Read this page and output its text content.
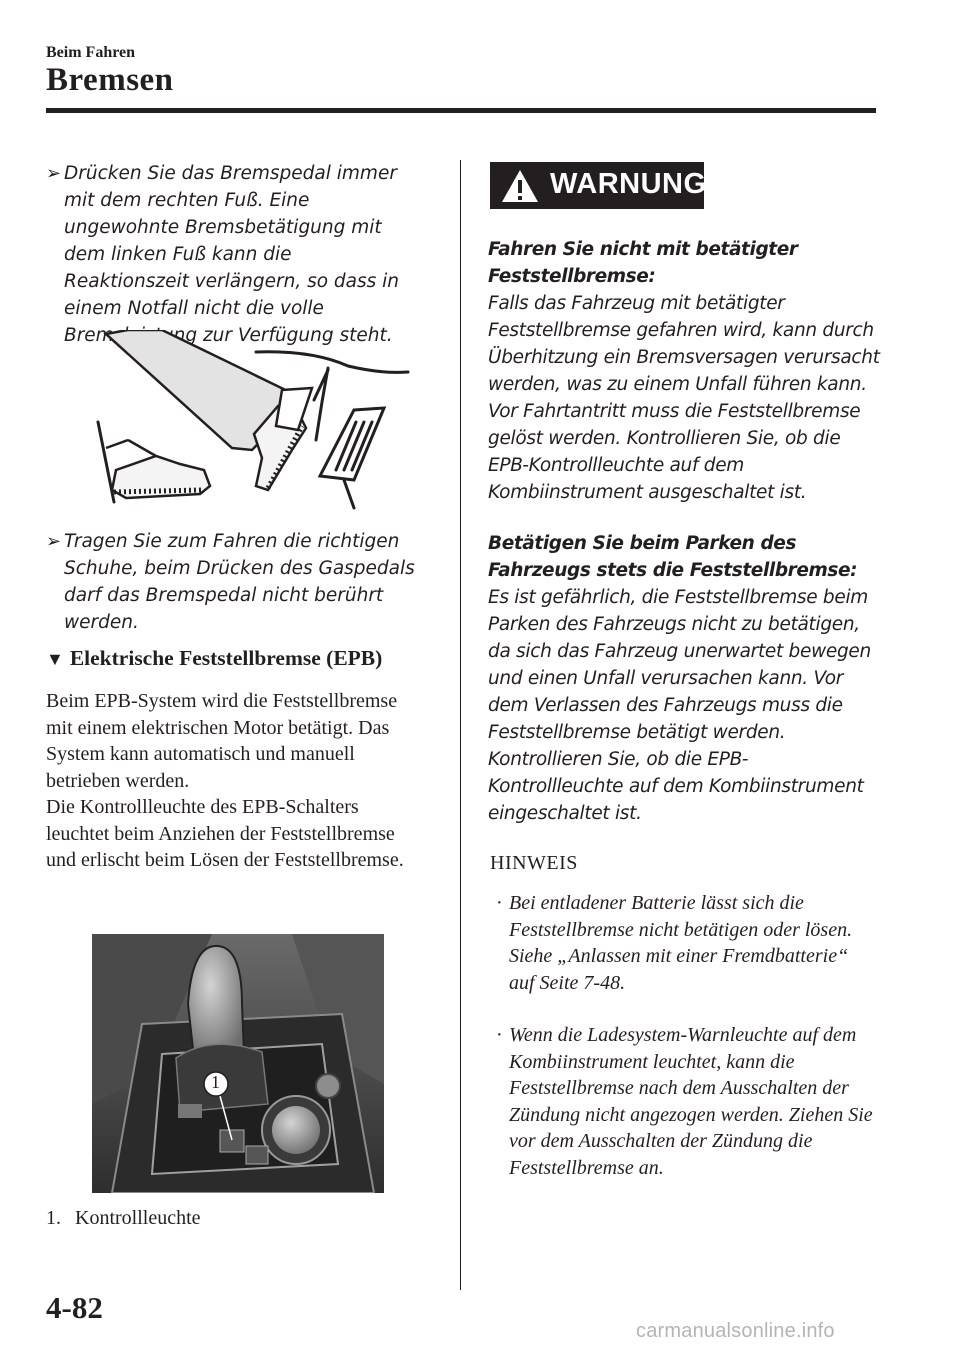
Beim Fahren
Bremsen
➢ Drücken Sie das Bremspedal immer mit dem rechten Fuß. Eine ungewohnte Bremsbetätigung mit dem linken Fuß kann die Reaktionszeit verlängern, so dass in einem Notfall nicht die volle Bremsleistung zur Verfügung steht.
➢ Tragen Sie zum Fahren die richtigen Schuhe, beim Drücken des Gaspedals darf das Bremspedal nicht berührt werden.
▼ Elektrische Feststellbremse (EPB)

Beim EPB-System wird die Feststellbremse mit einem elektrischen Motor betätigt. Das System kann automatisch und manuell betrieben werden.

Die Kontrollleuchte des EPB-Schalters leuchtet beim Anziehen der Feststellbremse und erlischt beim Lösen der Feststellbremse.

1
1. Kontrollleuchte
WARNUNG
Fahren Sie nicht mit betätigter Feststellbremse:
Falls das Fahrzeug mit betätigter Feststellbremse gefahren wird, kann durch Überhitzung ein Bremsversagen verursacht werden, was zu einem Unfall führen kann. Vor Fahrtantritt muss die Feststellbremse gelöst werden. Kontrollieren Sie, ob die EPB-Kontrollleuchte auf dem Kombiinstrument ausgeschaltet ist.
Betätigen Sie beim Parken des Fahrzeugs stets die Feststellbremse:
Es ist gefährlich, die Feststellbremse beim Parken des Fahrzeugs nicht zu betätigen, da sich das Fahrzeug unerwartet bewegen und einen Unfall verursachen kann. Vor dem Verlassen des Fahrzeugs muss die Feststellbremse betätigt werden. Kontrollieren Sie, ob die EPB-Kontrollleuchte auf dem Kombiinstrument eingeschaltet ist.
HINWEIS
· Bei entladener Batterie lässt sich die Feststellbremse nicht betätigen oder lösen. Siehe „Anlassen mit einer Fremdbatterie“ auf Seite 7-48.
· Wenn die Ladesystem-Warnleuchte auf dem Kombiinstrument leuchtet, kann die Feststellbremse nach dem Ausschalten der Zündung nicht angezogen werden. Ziehen Sie vor dem Ausschalten der Zündung die Feststellbremse an.
4-82
carmanualsonline.info
